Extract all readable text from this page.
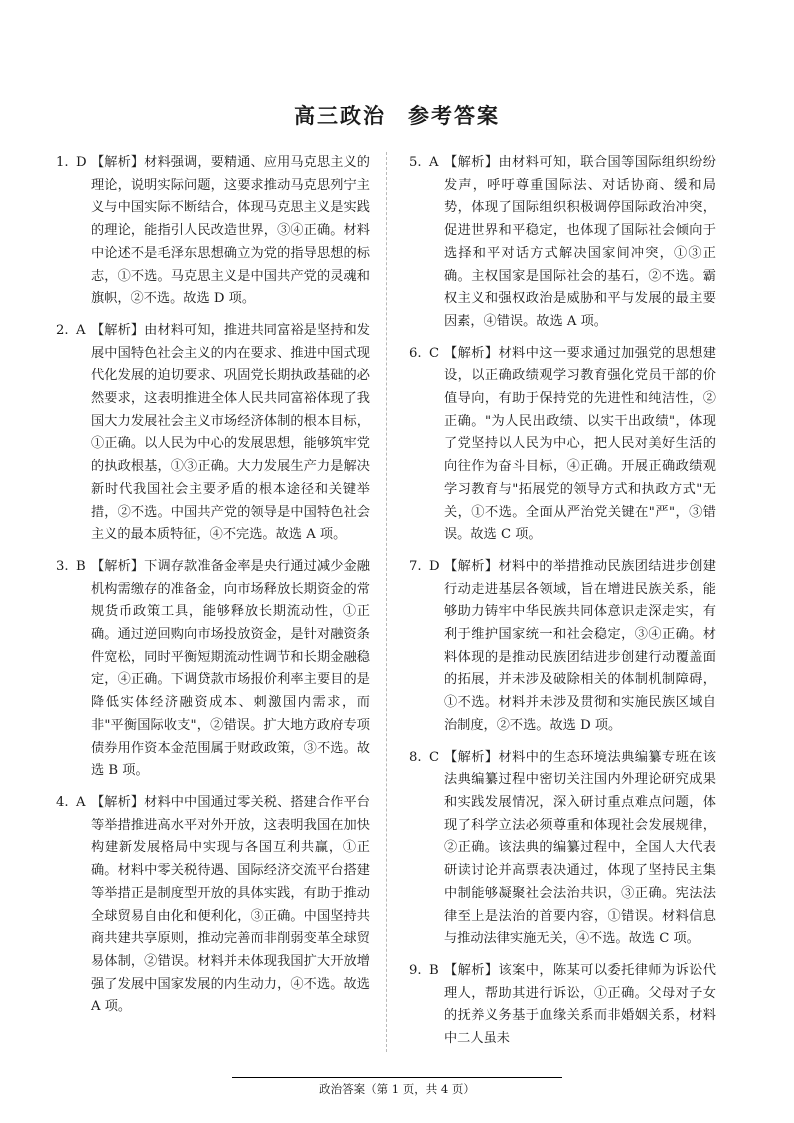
高三政治 参考答案
1. D 【解析】材料强调，要精通、应用马克思主义的理论，说明实际问题，这要求推动马克思列宁主义与中国实际不断结合，体现马克思主义是实践的理论，能指引人民改造世界，③④正确。材料中论述不是毛泽东思想确立为党的指导思想的标志，①不选。马克思主义是中国共产党的灵魂和旗帜，②不选。故选 D 项。
2. A 【解析】由材料可知，推进共同富裕是坚持和发展中国特色社会主义的内在要求、推进中国式现代化发展的迫切要求、巩固党长期执政基础的必然要求，这表明推进全体人民共同富裕体现了我国大力发展社会主义市场经济体制的根本目标，①正确。以人民为中心的发展思想，能够筑牢党的执政根基，①③正确。大力发展生产力是解决新时代我国社会主要矛盾的根本途径和关键举措，②不选。中国共产党的领导是中国特色社会主义的最本质特征，④不完选。故选 A 项。
3. B 【解析】下调存款准备金率是央行通过减少金融机构需缴存的准备金，向市场释放长期资金的常规货币政策工具，能够释放长期流动性，①正确。通过逆回购向市场投放资金，是针对融资条件宽松，同时平衡短期流动性调节和长期金融稳定，④正确。下调贷款市场报价利率主要目的是降低实体经济融资成本、刺激国内需求，而非"平衡国际收支"，②错误。扩大地方政府专项债券用作资本金范围属于财政政策，③不选。故选 B 项。
4. A 【解析】材料中中国通过零关税、搭建合作平台等举措推进高水平对外开放，这表明我国在加快构建新发展格局中实现与各国互利共赢，①正确。材料中零关税待遇、国际经济交流平台搭建等举措正是制度型开放的具体实践，有助于推动全球贸易自由化和便利化，③正确。中国坚持共商共建共享原则，推动完善而非削弱变革全球贸易体制，②错误。材料并未体现我国扩大开放增强了发展中国家发展的内生动力，④不选。故选 A 项。
5. A 【解析】由材料可知，联合国等国际组织纷纷发声，呼吁尊重国际法、对话协商、缓和局势，体现了国际组织积极调停国际政治冲突，促进世界和平稳定，也体现了国际社会倾向于选择和平对话方式解决国家间冲突，①③正确。主权国家是国际社会的基石，②不选。霸权主义和强权政治是威胁和平与发展的最主要因素，④错误。故选 A 项。
6. C 【解析】材料中这一要求通过加强党的思想建设，以正确政绩观学习教育强化党员干部的价值导向，有助于保持党的先进性和纯洁性，②正确。"为人民出政绩、以实干出政绩"，体现了党坚持以人民为中心，把人民对美好生活的向往作为奋斗目标，④正确。开展正确政绩观学习教育与"拓展党的领导方式和执政方式"无关，①不选。全面从严治党关键在"严"，③错误。故选 C 项。
7. D 【解析】材料中的举措推动民族团结进步创建行动走进基层各领域，旨在增进民族关系，能够助力铸牢中华民族共同体意识走深走实，有利于维护国家统一和社会稳定，③④正确。材料体现的是推动民族团结进步创建行动覆盖面的拓展，并未涉及破除相关的体制机制障碍，①不选。材料并未涉及贯彻和实施民族区域自治制度，②不选。故选 D 项。
8. C 【解析】材料中的生态环境法典编纂专班在该法典编纂过程中密切关注国内外理论研究成果和实践发展情况，深入研讨重点难点问题，体现了科学立法必须尊重和体现社会发展规律，②正确。该法典的编纂过程中，全国人大代表研读讨论并高票表决通过，体现了坚持民主集中制能够凝聚社会法治共识，③正确。宪法法律至上是法治的首要内容，①错误。材料信息与推动法律实施无关，④不选。故选 C 项。
9. B 【解析】该案中，陈某可以委托律师为诉讼代理人，帮助其进行诉讼，①正确。父母对子女的抚养义务基于血缘关系而非婚姻关系，材料中二人虽未
政治答案（第 1 页，共 4 页）
